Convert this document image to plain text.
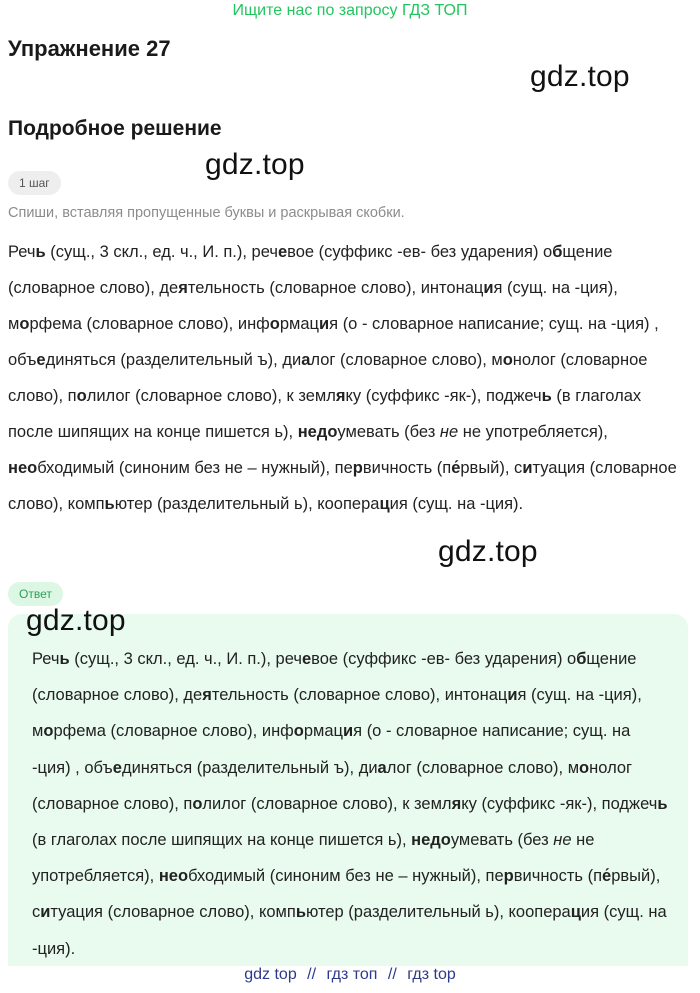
Ищите нас по запросу ГДЗ ТОП
Упражнение 27
gdz.top
Подробное решение
gdz.top
1 шаг
Спиши, вставляя пропущенные буквы и раскрывая скобки.
Речь (сущ., 3 скл., ед. ч., И. п.), речевое (суффикс -ев- без ударения) общение (словарное слово), деятельность (словарное слово), интонация (сущ. на -ция), морфема (словарное слово), информация (о - словарное написание; сущ. на -ция) , объединяться (разделительный ъ), диалог (словарное слово), монолог (словарное слово), полилог (словарное слово), к земляку (суффикс -як-), поджечь (в глаголах после шипящих на конце пишется ь), недоумевать (без не не употребляется), необходимый (синоним без не – нужный), первичность (пе́рвый), ситуация (словарное слово), компьютер (разделительный ь), кооперация (сущ. на -ция).
gdz.top
Ответ
gdz.top
Речь (сущ., 3 скл., ед. ч., И. п.), речевое (суффикс -ев- без ударения) общение (словарное слово), деятельность (словарное слово), интонация (сущ. на -ция), морфема (словарное слово), информация (о - словарное написание; сущ. на -ция) , объединяться (разделительный ъ), диалог (словарное слово), монолог (словарное слово), полилог (словарное слово), к земляку (суффикс -як-), поджечь (в глаголах после шипящих на конце пишется ь), недоумевать (без не не употребляется), необходимый (синоним без не – нужный), первичность (пе́рвый), ситуация (словарное слово), компьютер (разделительный ь), кооперация (сущ. на -ция).
gdz top // гдз топ // гдз top
